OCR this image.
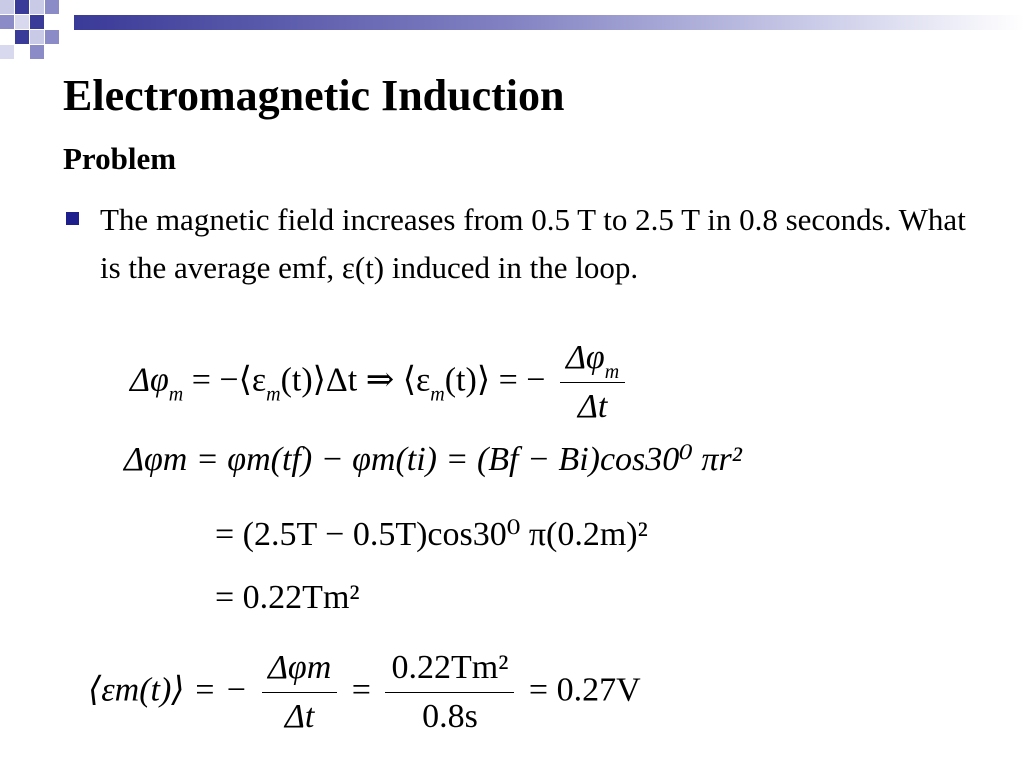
Electromagnetic Induction
Problem
The magnetic field increases from 0.5 T to 2.5 T in 0.8 seconds. What is the average emf, ε(t) induced in the loop.
$\Delta\varphi_m$ = $-⟨\varepsilon_m(t)⟩\Delta t$ ⇒ $⟨\varepsilon_m(t)⟩$ = − $\frac{\Delta\varphi_m}{\Delta t}$
Δφm = φm(tf) − φm(ti) = (Bf − Bi)cos30⁰ πr²
= (2.5T − 0.5T)cos30⁰ π(0.2m)²
= 0.22Tm²
⟨εm(t)⟩ = − $\frac{\text{Δφm}}{\Delta t} = \frac{\text{0.22Tm²}}{0.8s} = 0.27V$
